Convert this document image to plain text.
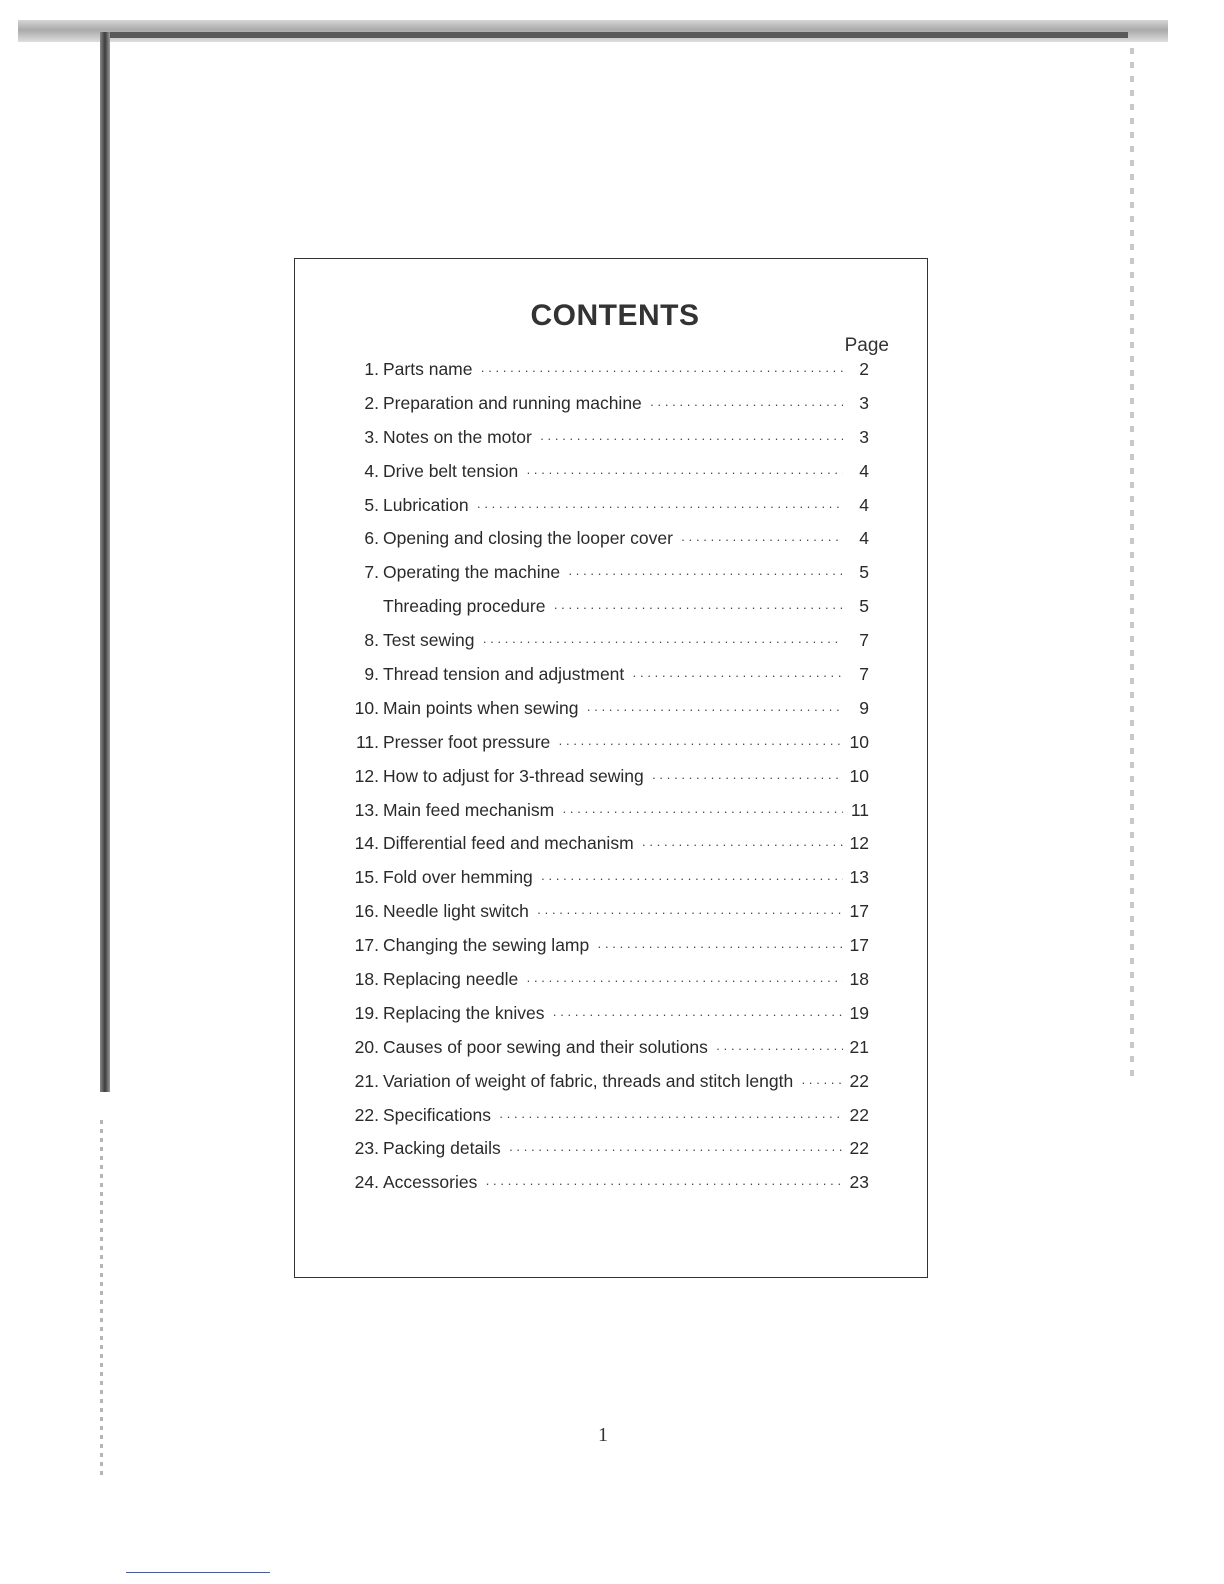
CONTENTS
Page
1. Parts name ·····	2
2. Preparation and running machine ·····	3
3. Notes on the motor ·····	3
4. Drive belt tension ·····	4
5. Lubrication ·····	4
6. Opening and closing the looper cover ·····	4
7. Operating the machine ·····	5
Threading procedure ·····	5
8. Test sewing ·····	7
9. Thread tension and adjustment ·····	7
10. Main points when sewing ·····	9
11. Presser foot pressure ·····	10
12. How to adjust for 3-thread sewing ·····	10
13. Main feed mechanism ·····	11
14. Differential feed and mechanism ·····	12
15. Fold over hemming ·····	13
16. Needle light switch ·····	17
17. Changing the sewing lamp ·····	17
18. Replacing needle ·····	18
19. Replacing the knives ·····	19
20. Causes of poor sewing and their solutions ·····	21
21. Variation of weight of fabric, threads and stitch length ·····	22
22. Specifications ·····	22
23. Packing details ·····	22
24. Accessories ·····	23
1
